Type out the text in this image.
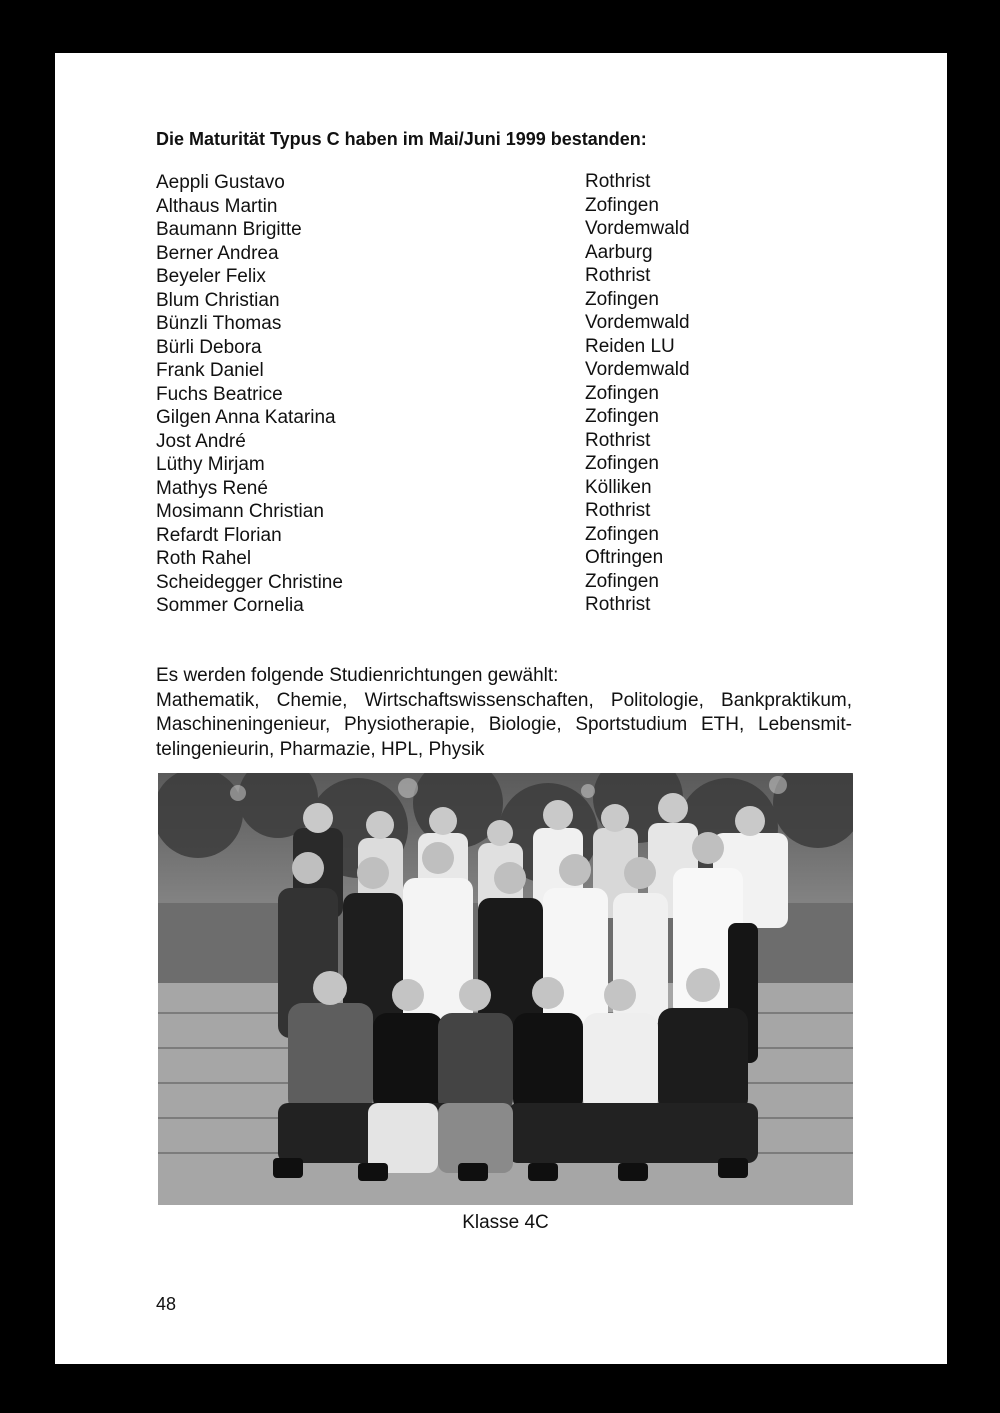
Die Maturität Typus C haben im Mai/Juni 1999 bestanden:
Aeppli Gustavo
Althaus Martin
Baumann Brigitte
Berner Andrea
Beyeler Felix
Blum Christian
Bünzli Thomas
Bürli Debora
Frank Daniel
Fuchs Beatrice
Gilgen Anna Katarina
Jost André
Lüthy Mirjam
Mathys René
Mosimann Christian
Refardt Florian
Roth Rahel
Scheidegger Christine
Sommer Cornelia
Rothrist
Zofingen
Vordemwald
Aarburg
Rothrist
Zofingen
Vordemwald
Reiden LU
Vordemwald
Zofingen
Zofingen
Rothrist
Zofingen
Kölliken
Rothrist
Zofingen
Oftringen
Zofingen
Rothrist
Es werden folgende Studienrichtungen gewählt:
Mathematik, Chemie, Wirtschaftswissenschaften, Politologie, Bankpraktikum, Maschineningenieur, Physiotherapie, Biologie, Sportstudium ETH, Lebensmit-telingenieurin, Pharmazie, HPL, Physik
Klasse 4C
48
